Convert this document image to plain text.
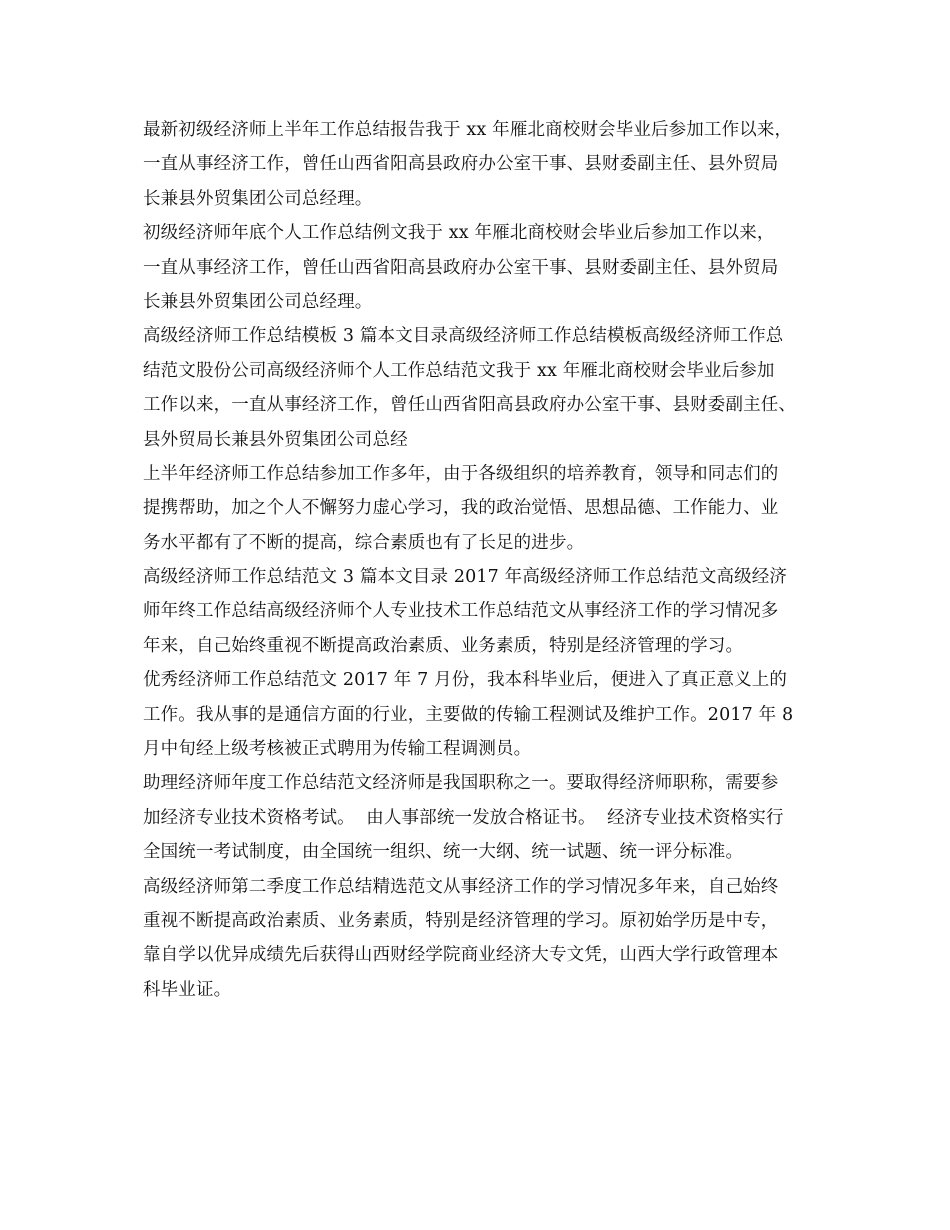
最新初级经济师上半年工作总结报告我于 xx 年雁北商校财会毕业后参加工作以来，
一直从事经济工作，曾任山西省阳高县政府办公室干事、县财委副主任、县外贸局
长兼县外贸集团公司总经理。
初级经济师年底个人工作总结例文我于 xx 年雁北商校财会毕业后参加工作以来，
一直从事经济工作，曾任山西省阳高县政府办公室干事、县财委副主任、县外贸局
长兼县外贸集团公司总经理。
高级经济师工作总结模板 3 篇本文目录高级经济师工作总结模板高级经济师工作总
结范文股份公司高级经济师个人工作总结范文我于 xx 年雁北商校财会毕业后参加
工作以来，一直从事经济工作，曾任山西省阳高县政府办公室干事、县财委副主任、
县外贸局长兼县外贸集团公司总经
上半年经济师工作总结参加工作多年，由于各级组织的培养教育，领导和同志们的
提携帮助，加之个人不懈努力虚心学习，我的政治觉悟、思想品德、工作能力、业
务水平都有了不断的提高，综合素质也有了长足的进步。
高级经济师工作总结范文 3 篇本文目录 2017 年高级经济师工作总结范文高级经济
师年终工作总结高级经济师个人专业技术工作总结范文从事经济工作的学习情况多
年来，自己始终重视不断提高政治素质、业务素质，特别是经济管理的学习。
优秀经济师工作总结范文 2017 年 7 月份，我本科毕业后，便进入了真正意义上的
工作。我从事的是通信方面的行业，主要做的传输工程测试及维护工作。2017 年 8
月中旬经上级考核被正式聘用为传输工程调测员。
助理经济师年度工作总结范文经济师是我国职称之一。要取得经济师职称，需要参
加经济专业技术资格考试。  由人事部统一发放合格证书。  经济专业技术资格实行
全国统一考试制度，由全国统一组织、统一大纲、统一试题、统一评分标准。
高级经济师第二季度工作总结精选范文从事经济工作的学习情况多年来，自己始终
重视不断提高政治素质、业务素质，特别是经济管理的学习。原初始学历是中专，
靠自学以优异成绩先后获得山西财经学院商业经济大专文凭，山西大学行政管理本
科毕业证。
